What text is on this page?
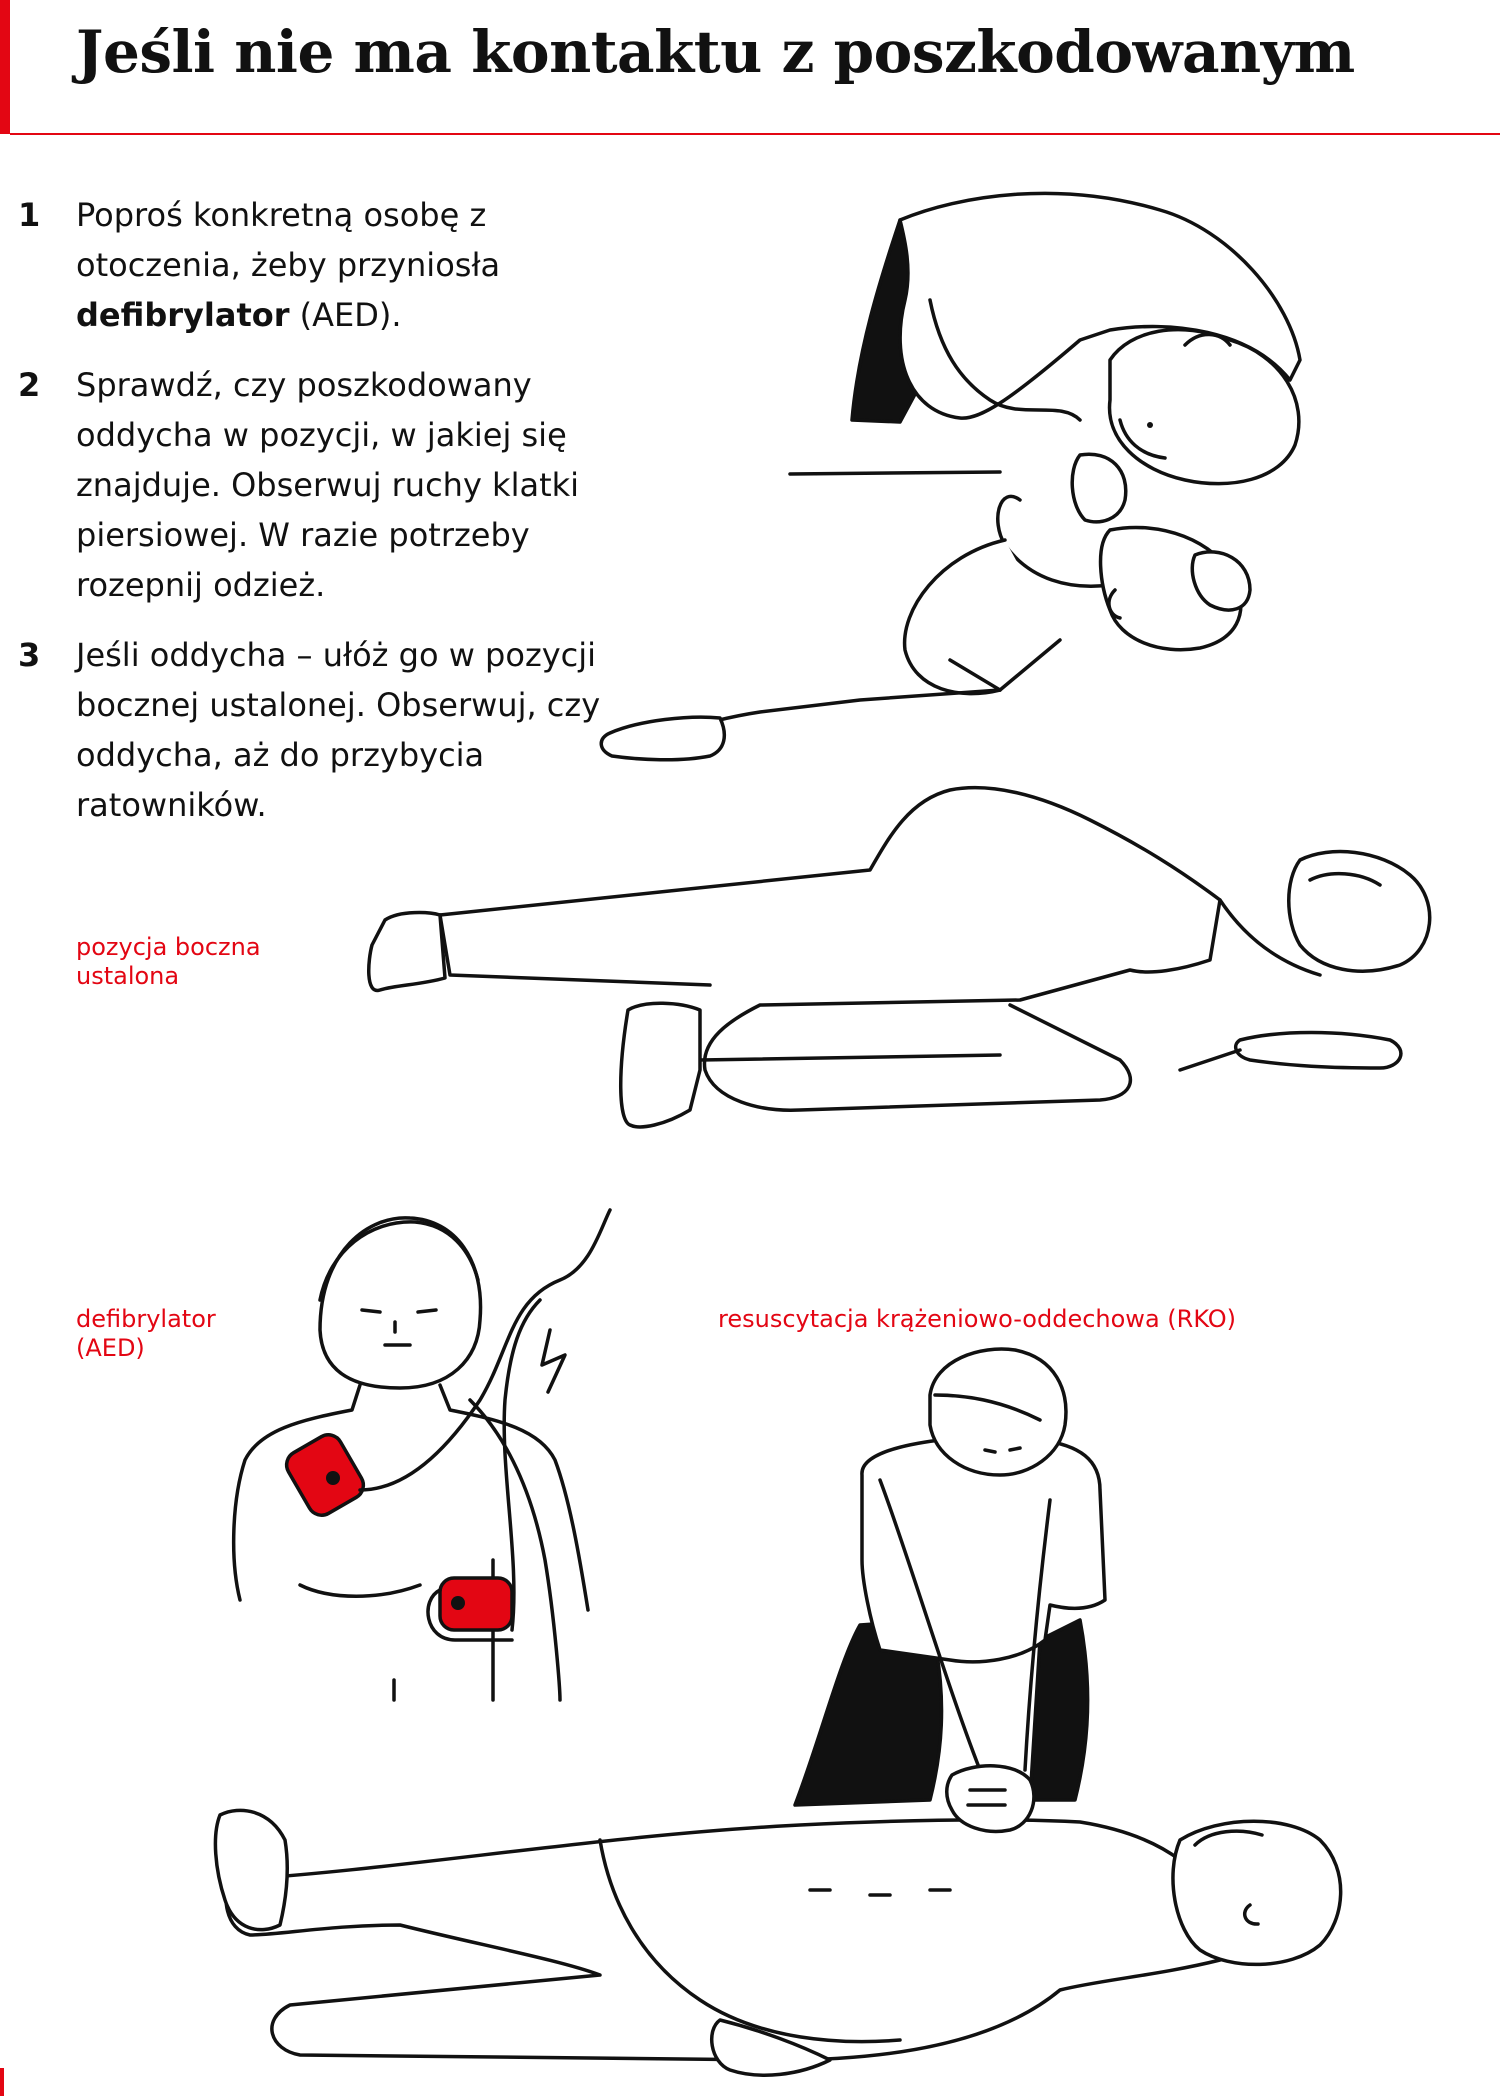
Jeśli nie ma kontaktu z poszkodowanym
1 Poproś konkretną osobę z otoczenia, żeby przyniosła defibrylator (AED).
2 Sprawdź, czy poszkodowany oddycha w pozycji, w jakiej się znajduje. Obserwuj ruchy klatki piersiowej. W razie potrzeby rozepnij odzież.
3 Jeśli oddycha – ułóż go w pozycji bocznej ustalonej. Obserwuj, czy oddycha, aż do przybycia ratowników.
pozycja boczna ustalona
defibrylator (AED)
resuscytacja krążeniowo-oddechowa (RKO)
